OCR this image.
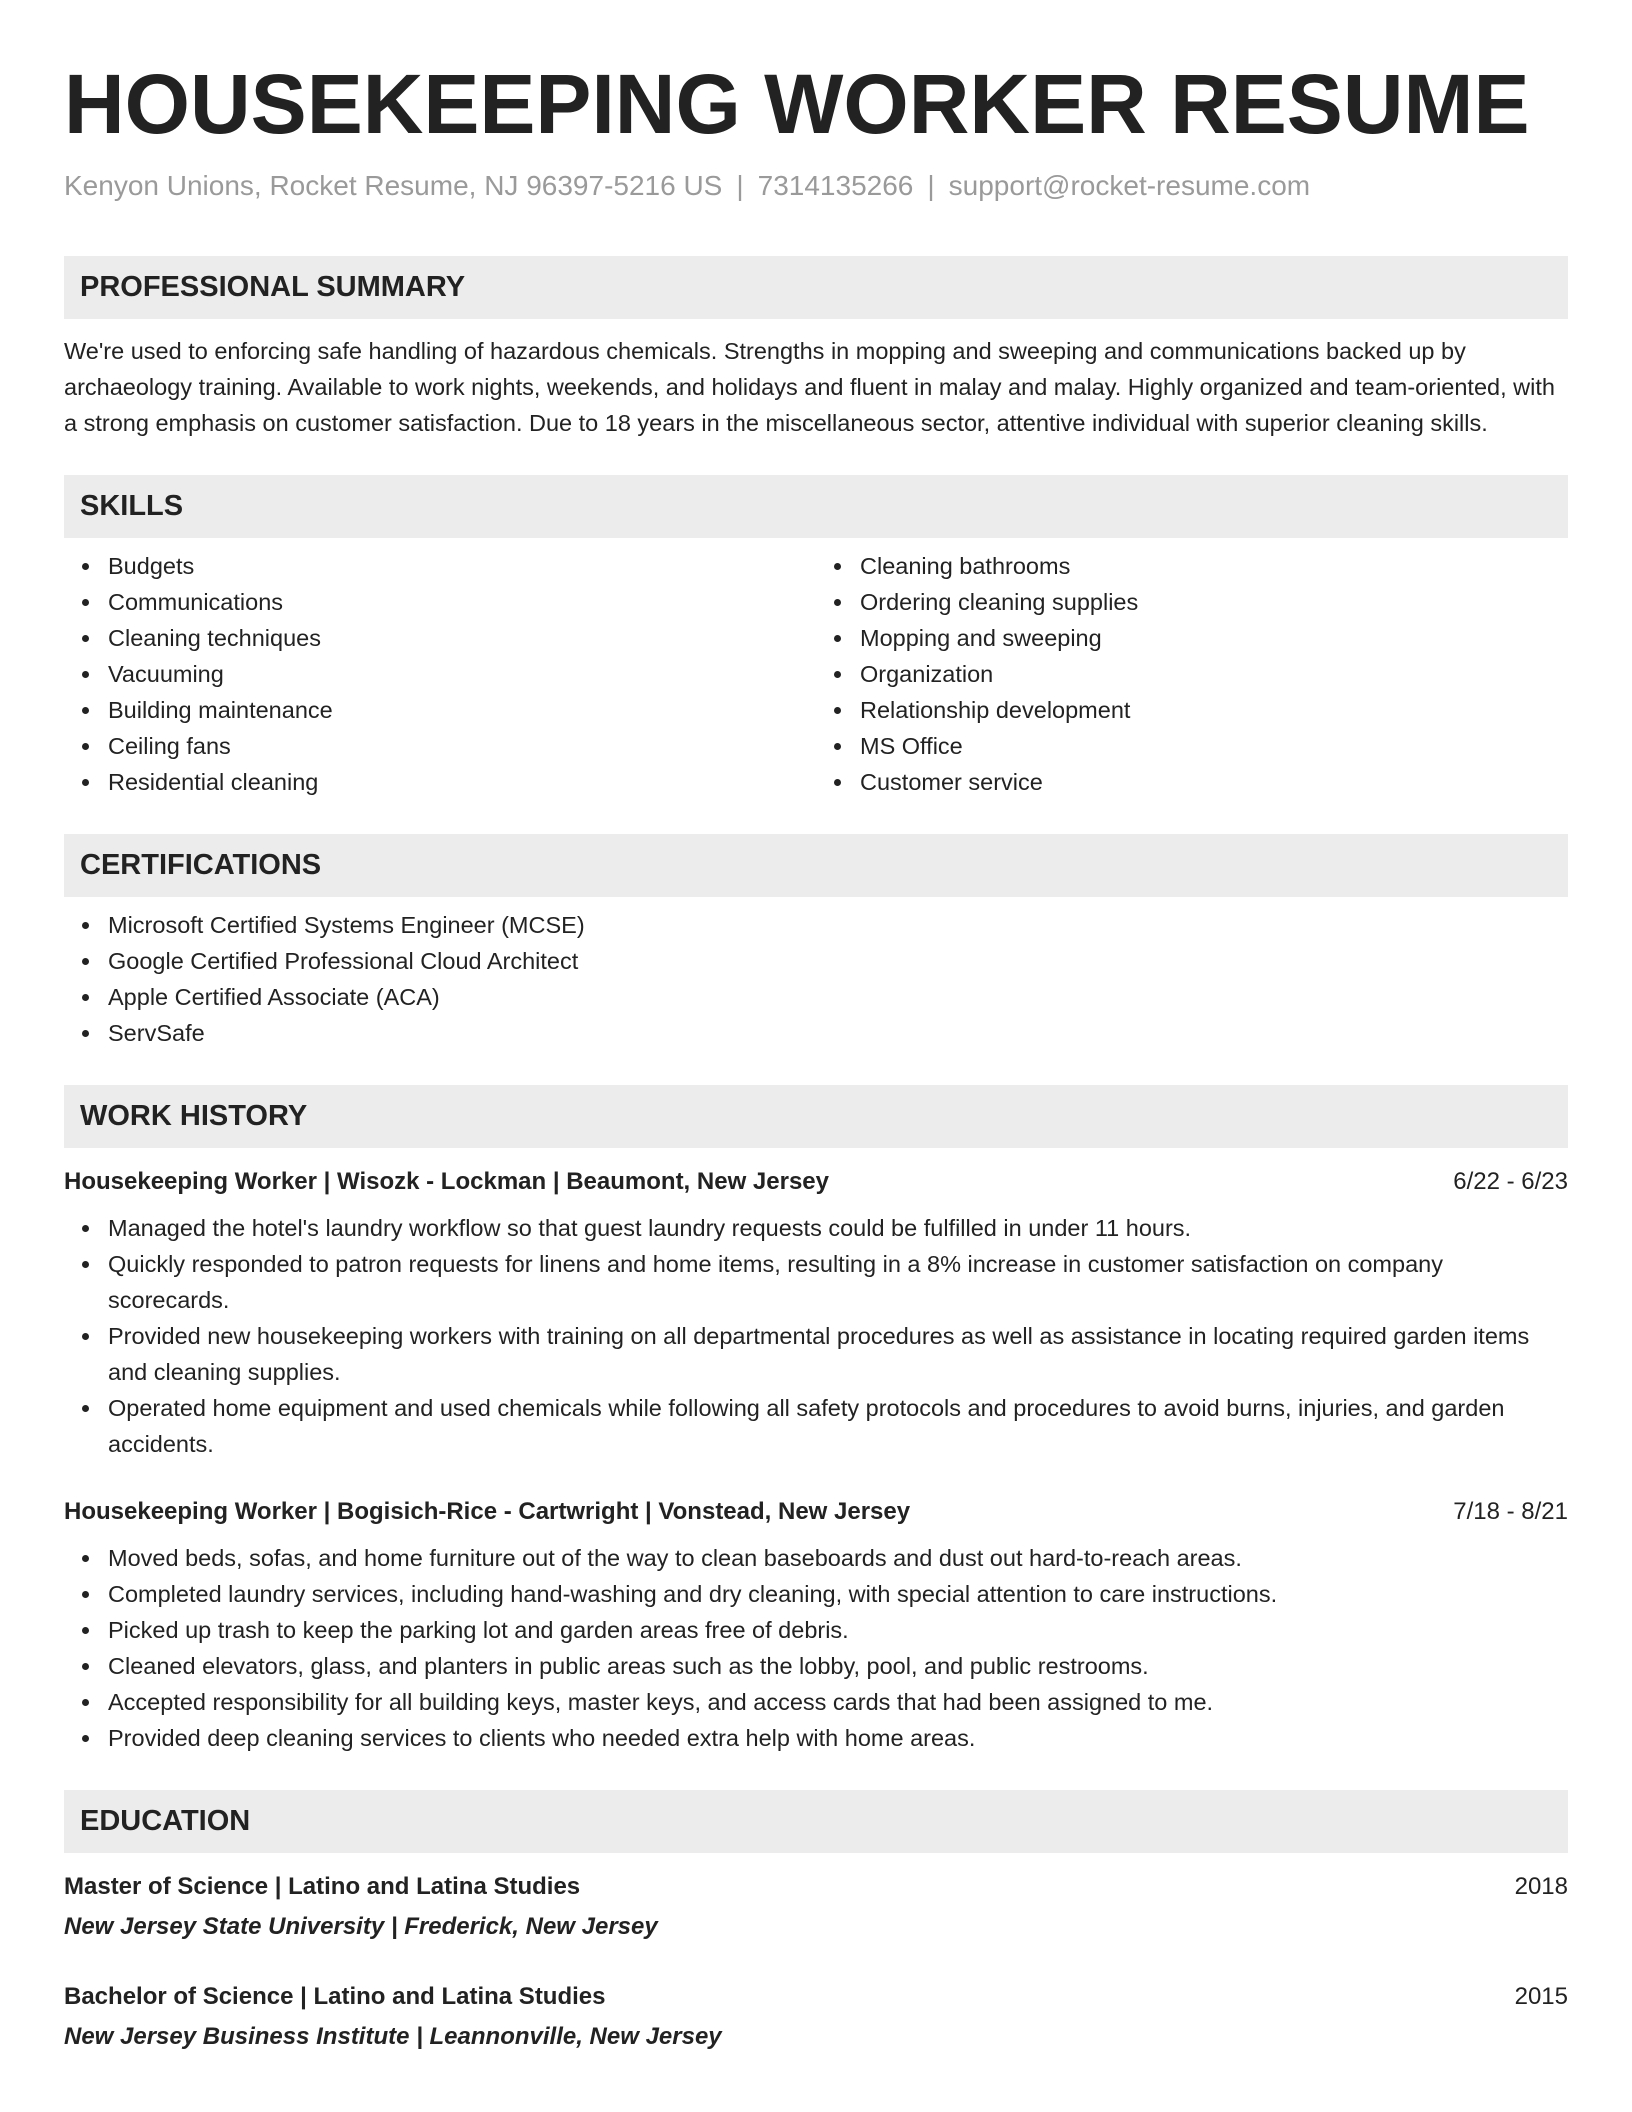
HOUSEKEEPING WORKER RESUME
Kenyon Unions, Rocket Resume, NJ 96397-5216 US | 7314135266 | support@rocket-resume.com
PROFESSIONAL SUMMARY

We're used to enforcing safe handling of hazardous chemicals. Strengths in mopping and sweeping and communications backed up by archaeology training. Available to work nights, weekends, and holidays and fluent in malay and malay. Highly organized and team-oriented, with a strong emphasis on customer satisfaction. Due to 18 years in the miscellaneous sector, attentive individual with superior cleaning skills.

SKILLS
Budgets
Communications
Cleaning techniques
Vacuuming
Building maintenance
Ceiling fans
Residential cleaning
Cleaning bathrooms
Ordering cleaning supplies
Mopping and sweeping
Organization
Relationship development
MS Office
Customer service
CERTIFICATIONS
Microsoft Certified Systems Engineer (MCSE)
Google Certified Professional Cloud Architect
Apple Certified Associate (ACA)
ServSafe
WORK HISTORY
Housekeeping Worker | Wisozk - Lockman | Beaumont, New Jersey	6/22 - 6/23
Managed the hotel's laundry workflow so that guest laundry requests could be fulfilled in under 11 hours.
Quickly responded to patron requests for linens and home items, resulting in a 8% increase in customer satisfaction on company scorecards.
Provided new housekeeping workers with training on all departmental procedures as well as assistance in locating required garden items and cleaning supplies.
Operated home equipment and used chemicals while following all safety protocols and procedures to avoid burns, injuries, and garden accidents.
Housekeeping Worker | Bogisich-Rice - Cartwright | Vonstead, New Jersey	7/18 - 8/21
Moved beds, sofas, and home furniture out of the way to clean baseboards and dust out hard-to-reach areas.
Completed laundry services, including hand-washing and dry cleaning, with special attention to care instructions.
Picked up trash to keep the parking lot and garden areas free of debris.
Cleaned elevators, glass, and planters in public areas such as the lobby, pool, and public restrooms.
Accepted responsibility for all building keys, master keys, and access cards that had been assigned to me.
Provided deep cleaning services to clients who needed extra help with home areas.
EDUCATION
Master of Science | Latino and Latina Studies	2018
New Jersey State University | Frederick, New Jersey
Bachelor of Science | Latino and Latina Studies	2015
New Jersey Business Institute | Leannonville, New Jersey
